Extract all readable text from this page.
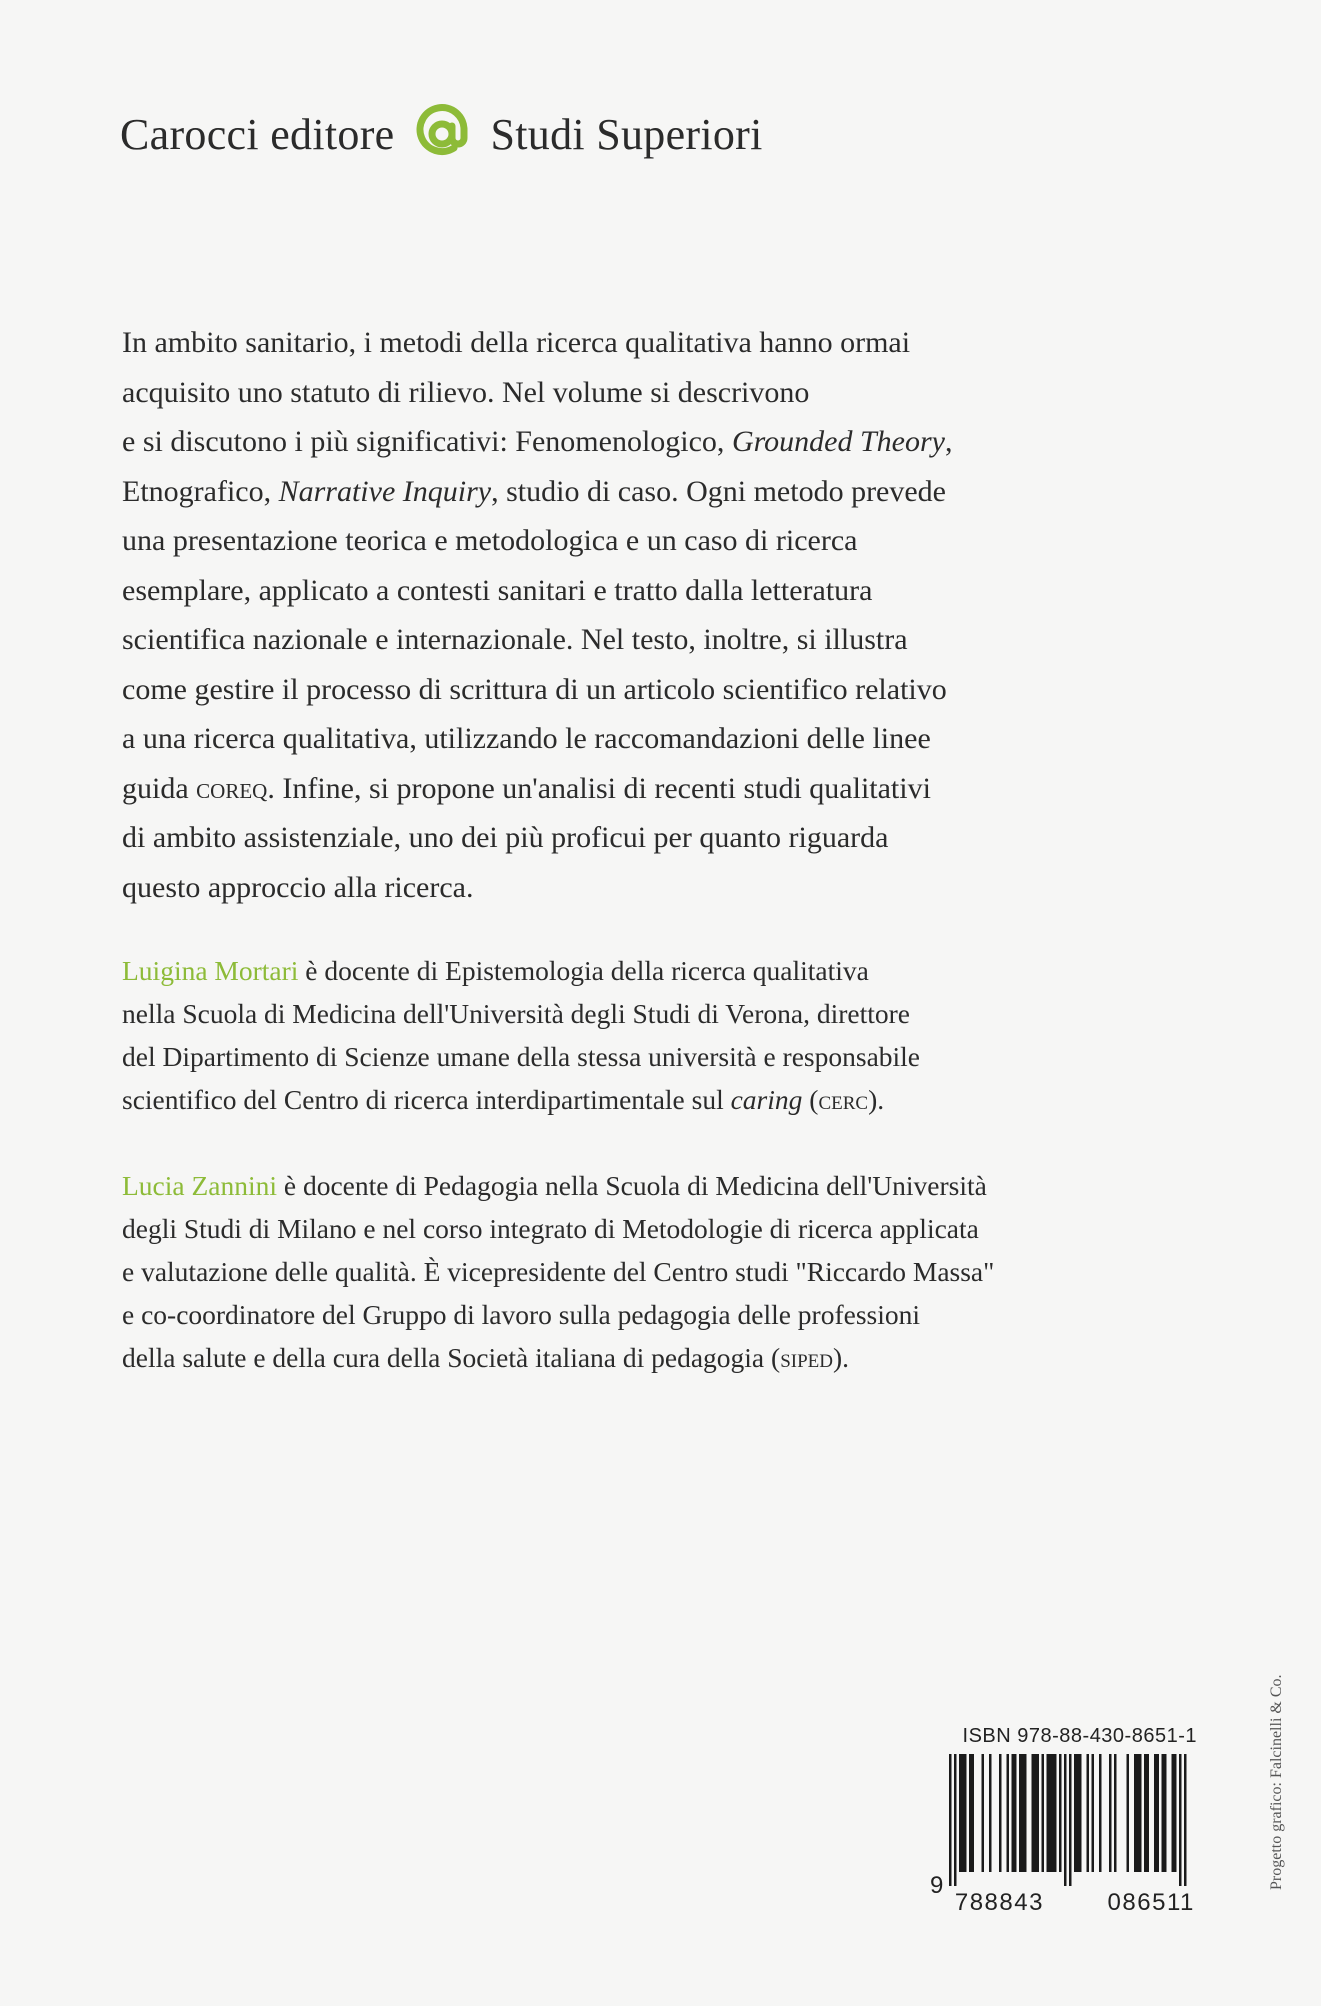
Carocci editore Studi Superiori
In ambito sanitario, i metodi della ricerca qualitativa hanno ormai
acquisito uno statuto di rilievo. Nel volume si descrivono
e si discutono i più significativi: Fenomenologico, Grounded Theory,
Etnografico, Narrative Inquiry, studio di caso. Ogni metodo prevede
una presentazione teorica e metodologica e un caso di ricerca
esemplare, applicato a contesti sanitari e tratto dalla letteratura
scientifica nazionale e internazionale. Nel testo, inoltre, si illustra
come gestire il processo di scrittura di un articolo scientifico relativo
a una ricerca qualitativa, utilizzando le raccomandazioni delle linee
guida coreq. Infine, si propone un'analisi di recenti studi qualitativi
di ambito assistenziale, uno dei più proficui per quanto riguarda
questo approccio alla ricerca.
Luigina Mortari è docente di Epistemologia della ricerca qualitativa
nella Scuola di Medicina dell'Università degli Studi di Verona, direttore
del Dipartimento di Scienze umane della stessa università e responsabile
scientifico del Centro di ricerca interdipartimentale sul caring (cerc).
Lucia Zannini è docente di Pedagogia nella Scuola di Medicina dell'Università
degli Studi di Milano e nel corso integrato di Metodologie di ricerca applicata
e valutazione delle qualità. È vicepresidente del Centro studi "Riccardo Massa"
e co-coordinatore del Gruppo di lavoro sulla pedagogia delle professioni
della salute e della cura della Società italiana di pedagogia (siped).
Progetto grafico: Falcinelli & Co.
ISBN 978-88-430-8651-1
9
788843	086511
